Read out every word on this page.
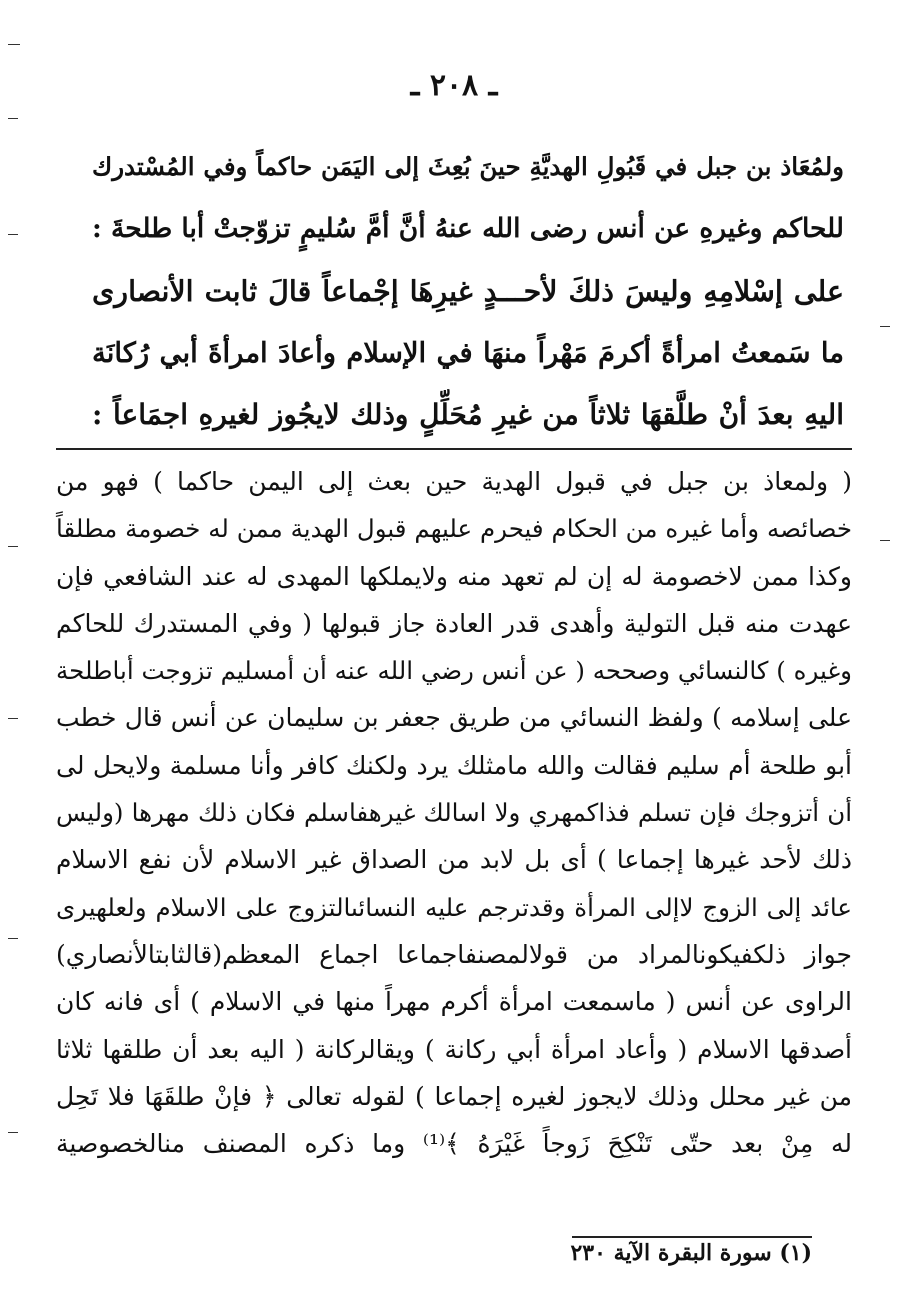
ـ ٢٠٨ ـ
ولمُعَاذ بن جبل في قَبُولِ الهديَّةِ حينَ بُعِثَ إلى اليَمَن حاكماً وفي المُسْتدرك
للحاكم وغيرهِ عن أنس رضى الله عنهُ أنَّ أمَّ سُليمٍ تزوّجتْ أبا طلحةَ :
على إسْلامِهِ وليسَ ذلكَ لأحـــدٍ غيرِهَا إجْماعاً قالَ ثابت الأنصارى
ما سَمعتُ امرأةً أكرمَ مَهْراً منهَا في الإسلام وأعادَ امرأةَ أبي رُكانَة
اليهِ بعدَ أنْ طلَّقهَا ثلاثاً من غيرِ مُحَلِّلٍ وذلك لايجُوز لغيرهِ اجمَاعاً :
( ولمعاذ بن جبل في قبول الهدية حين بعث إلى اليمن حاكما ) فهو من
خصائصه وأما غيره من الحكام فيحرم عليهم قبول الهدية ممن له خصومة مطلقاً
وكذا ممن لاخصومة له إن لم تعهد منه ولايملكها المهدى له عند الشافعي فإن
عهدت منه قبل التولية وأهدى قدر العادة جاز قبولها ( وفي المستدرك للحاكم
وغيره ) كالنسائي وصححه ( عن أنس رضي الله عنه أن أمسليم تزوجت أباطلحة
على إسلامه ) ولفظ النسائي من طريق جعفر بن سليمان عن أنس قال خطب
أبو طلحة أم سليم فقالت والله مامثلك يرد ولكنك كافر وأنا مسلمة ولايحل لى
أن أتزوجك فإن تسلم فذاكمهري ولا اسالك غيرهفاسلم فكان ذلك مهرها (وليس
ذلك لأحد غيرها إجماعا ) أى بل لابد من الصداق غير الاسلام لأن نفع الاسلام
عائد إلى الزوج لاإلى المرأة وقدترجم عليه النسائىالتزوج على الاسلام ولعلهيرى
جواز ذلكفيكونالمراد من قولالمصنفاجماعا اجماع المعظم(قالثابتالأنصاري)
الراوى عن أنس ( ماسمعت امرأة أكرم مهراً منها في الاسلام ) أى فانه كان
أصدقها الاسلام ( وأعاد امرأة أبي ركانة ) ويقالركانة ( اليه بعد أن طلقها ثلاثا
من غير محلل وذلك لايجوز لغيره إجماعا ) لقوله تعالى ﴿ فإنْ طلقَهَا فلا تَحِل
له مِنْ بعد حتّى تَنْكِحَ زَوجاً غَيْرَهُ ﴾⁽¹⁾ وما ذكره المصنف منالخصوصية
(١) سورة البقرة الآية ٢٣٠
